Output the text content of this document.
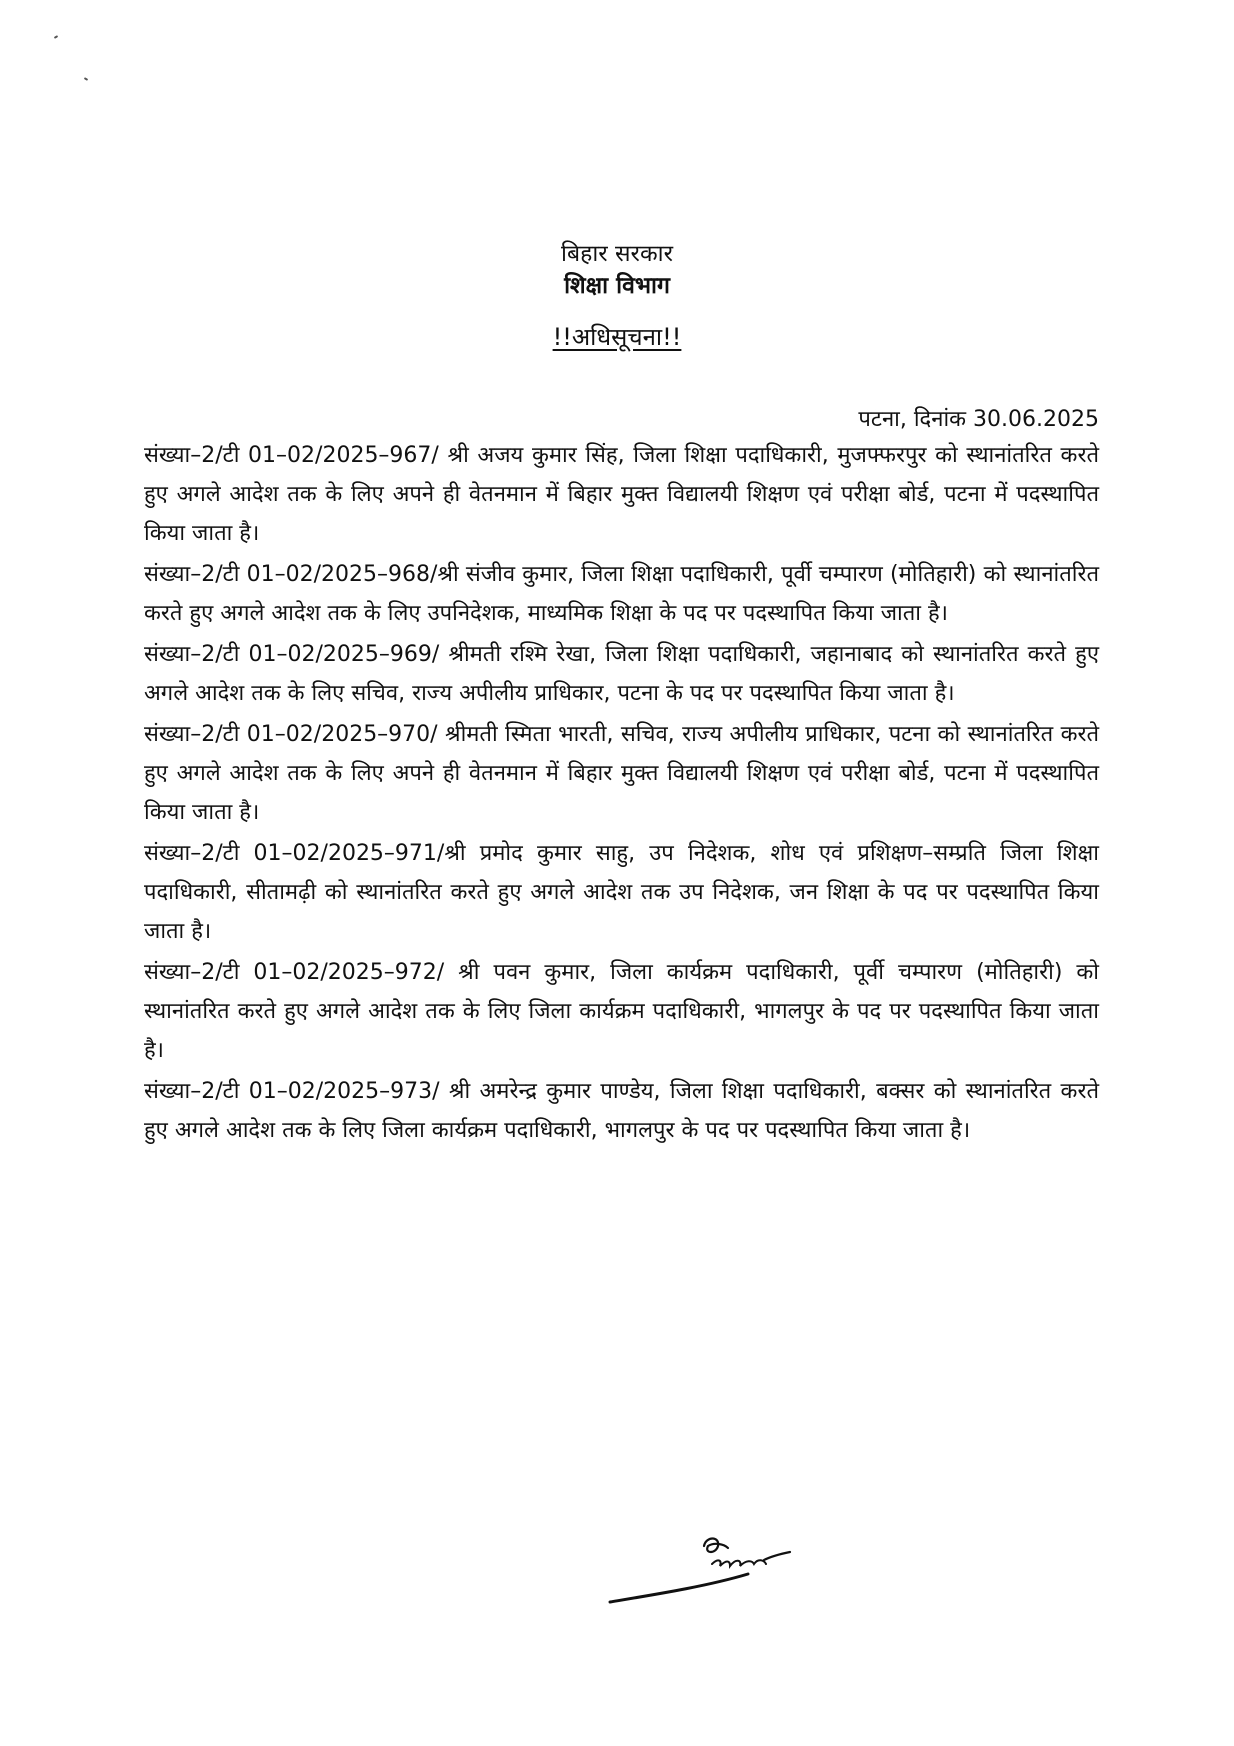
बिहार सरकार
शिक्षा विभाग
!!अधिसूचना!!
पटना, दिनांक 30.06.2025

संख्या–2/टी 01–02/2025–967/ श्री अजय कुमार सिंह, जिला शिक्षा पदाधिकारी, मुजफ्फरपुर को स्थानांतरित करते हुए अगले आदेश तक के लिए अपने ही वेतनमान में बिहार मुक्त विद्यालयी शिक्षण एवं परीक्षा बोर्ड, पटना में पदस्थापित किया जाता है।

संख्या–2/टी 01–02/2025–968/श्री संजीव कुमार, जिला शिक्षा पदाधिकारी, पूर्वी चम्पारण (मोतिहारी) को स्थानांतरित करते हुए अगले आदेश तक के लिए उपनिदेशक, माध्यमिक शिक्षा के पद पर पदस्थापित किया जाता है।

संख्या–2/टी 01–02/2025–969/ श्रीमती रश्मि रेखा, जिला शिक्षा पदाधिकारी, जहानाबाद को स्थानांतरित करते हुए अगले आदेश तक के लिए सचिव, राज्य अपीलीय प्राधिकार, पटना के पद पर पदस्थापित किया जाता है।

संख्या–2/टी 01–02/2025–970/ श्रीमती स्मिता भारती, सचिव, राज्य अपीलीय प्राधिकार, पटना को स्थानांतरित करते हुए अगले आदेश तक के लिए अपने ही वेतनमान में बिहार मुक्त विद्यालयी शिक्षण एवं परीक्षा बोर्ड, पटना में पदस्थापित किया जाता है।

संख्या–2/टी 01–02/2025–971/श्री प्रमोद कुमार साहु, उप निदेशक, शोध एवं प्रशिक्षण–सम्प्रति जिला शिक्षा पदाधिकारी, सीतामढ़ी को स्थानांतरित करते हुए अगले आदेश तक उप निदेशक, जन शिक्षा के पद पर पदस्थापित किया जाता है।

संख्या–2/टी 01–02/2025–972/ श्री पवन कुमार, जिला कार्यक्रम पदाधिकारी, पूर्वी चम्पारण (मोतिहारी) को स्थानांतरित करते हुए अगले आदेश तक के लिए जिला कार्यक्रम पदाधिकारी, भागलपुर के पद पर पदस्थापित किया जाता है।

संख्या–2/टी 01–02/2025–973/ श्री अमरेन्द्र कुमार पाण्डेय, जिला शिक्षा पदाधिकारी, बक्सर को स्थानांतरित करते हुए अगले आदेश तक के लिए जिला कार्यक्रम पदाधिकारी, भागलपुर के पद पर पदस्थापित किया जाता है।
